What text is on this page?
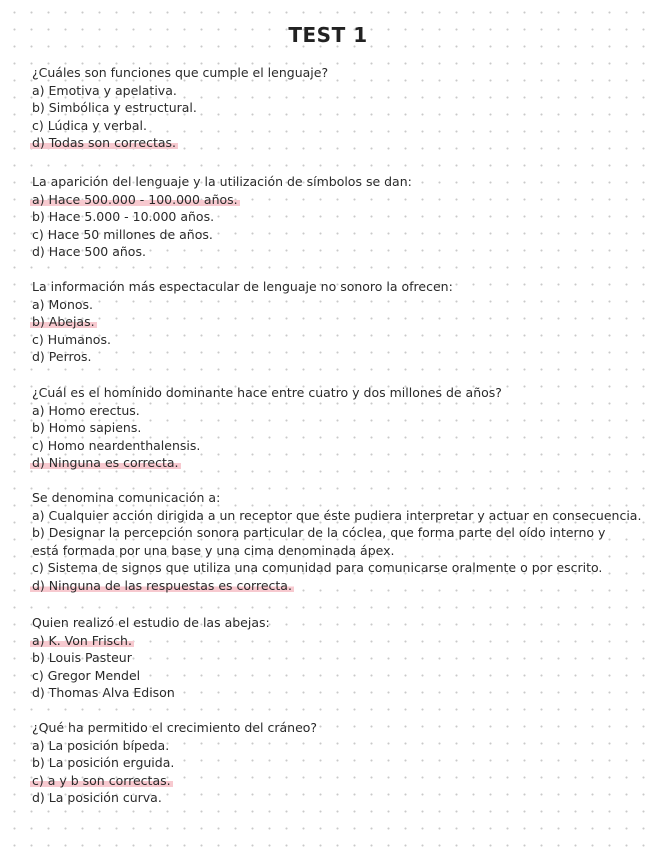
TEST 1
¿Cuáles son funciones que cumple el lenguaje?
a) Emotiva y apelativa.
b) Simbólica y estructural.
c) Lúdica y verbal.
d) Todas son correctas.
La aparición del lenguaje y la utilización de símbolos se dan:
a) Hace 500.000 - 100.000 años.
b) Hace 5.000 - 10.000 años.
c) Hace 50 millones de años.
d) Hace 500 años.
La información más espectacular de lenguaje no sonoro la ofrecen:
a) Monos.
b) Abejas.
c) Humanos.
d) Perros.
¿Cuál es el homínido dominante hace entre cuatro y dos millones de años?
a) Homo erectus.
b) Homo sapiens.
c) Homo neardenthalensis.
d) Ninguna es correcta.
Se denomina comunicación a:
a) Cualquier acción dirigida a un receptor que éste pudiera interpretar y actuar en consecuencia.
b) Designar la percepción sonora particular de la cóclea, que forma parte del oído interno y está formada por una base y una cima denominada ápex.
c) Sistema de signos que utiliza una comunidad para comunicarse oralmente o por escrito.
d) Ninguna de las respuestas es correcta.
Quien realizó el estudio de las abejas:
a) K. Von Frisch.
b) Louis Pasteur
c) Gregor Mendel
d) Thomas Alva Edison
¿Qué ha permitido el crecimiento del cráneo?
a) La posición bípeda.
b) La posición erguida.
c) a y b son correctas.
d) La posición curva.
